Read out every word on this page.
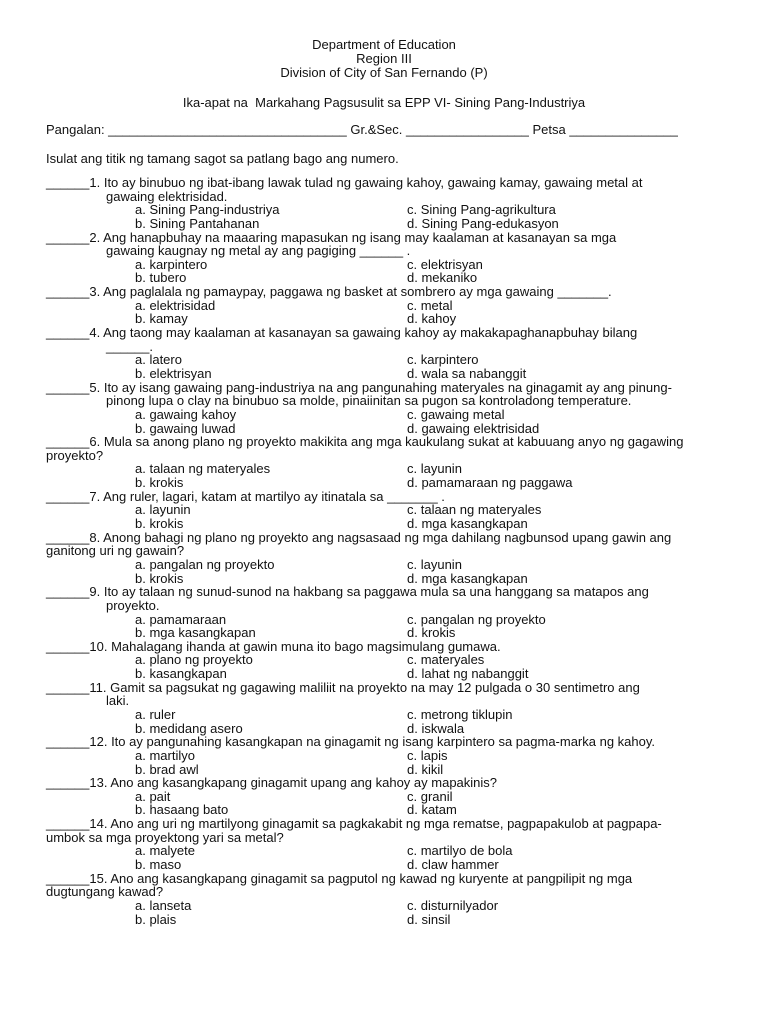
Department of Education
Region III
Division of City of San Fernando (P)
Ika-apat na  Markahang Pagsusulit sa EPP VI- Sining Pang-Industriya
Pangalan: _________________________________ Gr.&Sec. _________________ Petsa _______________
Isulat ang titik ng tamang sagot sa patlang bago ang numero.
______1. Ito ay binubuo ng ibat-ibang lawak tulad ng gawaing kahoy, gawaing kamay, gawaing metal at
gawaing elektrisidad.
a. Sining Pang-industriya	c. Sining Pang-agrikultura
b. Sining Pantahanan	d. Sining Pang-edukasyon
______2. Ang hanapbuhay na maaaring mapasukan ng isang may kaalaman at kasanayan sa mga
gawaing kaugnay ng metal ay ang pagiging ______ .
a. karpintero	c. elektrisyan
b. tubero	d. mekaniko
______3. Ang paglalala ng pamaypay, paggawa ng basket at sombrero ay mga gawaing _______.
a. elektrisidad	c. metal
b. kamay	d. kahoy
______4. Ang taong may kaalaman at kasanayan sa gawaing kahoy ay makakapaghanapbuhay bilang
______.
a. latero	c. karpintero
b. elektrisyan	d. wala sa nabanggit
______5. Ito ay isang gawaing pang-industriya na ang pangunahing materyales na ginagamit ay ang pinung-
pinong lupa o clay na binubuo sa molde, pinaiinitan sa pugon sa kontroladong temperature.
a. gawaing kahoy	c. gawaing metal
b. gawaing luwad	d. gawaing elektrisidad
______6. Mula sa anong plano ng proyekto makikita ang mga kaukulang sukat at kabuuang anyo ng gagawing
proyekto?
a. talaan ng materyales	c. layunin
b. krokis	d. pamamaraan ng paggawa
______7. Ang ruler, lagari, katam at martilyo ay itinatala sa _______ .
a. layunin	c. talaan ng materyales
b. krokis	d. mga kasangkapan
______8. Anong bahagi ng plano ng proyekto ang nagsasaad ng mga dahilang nagbunsod upang gawin ang
ganitong uri ng gawain?
a. pangalan ng proyekto	c. layunin
b. krokis	d. mga kasangkapan
______9. Ito ay talaan ng sunud-sunod na hakbang sa paggawa mula sa una hanggang sa matapos ang
proyekto.
a. pamamaraan	c. pangalan ng proyekto
b. mga kasangkapan	d. krokis
______10. Mahalagang ihanda at gawin muna ito bago magsimulang gumawa.
a. plano ng proyekto	c. materyales
b. kasangkapan	d. lahat ng nabanggit
______11. Gamit sa pagsukat ng gagawing maliliit na proyekto na may 12 pulgada o 30 sentimetro ang
laki.
a. ruler	c. metrong tiklupin
b. medidang asero	d. iskwala
______12. Ito ay pangunahing kasangkapan na ginagamit ng isang karpintero sa pagma-marka ng kahoy.
a. martilyo	c. lapis
b. brad awl	d. kikil
______13. Ano ang kasangkapang ginagamit upang ang kahoy ay mapakinis?
a. pait	c. granil
b. hasaang bato	d. katam
______14. Ano ang uri ng martilyong ginagamit sa pagkakabit ng mga rematse, pagpapakulob at pagpapa-
umbok sa mga proyektong yari sa metal?
a. malyete	c. martilyo de bola
b. maso	d. claw hammer
______15. Ano ang kasangkapang ginagamit sa pagputol ng kawad ng kuryente at pangpilipit ng mga
dugtungang kawad?
a. lanseta	c. disturnilyador
b. plais	d. sinsil
